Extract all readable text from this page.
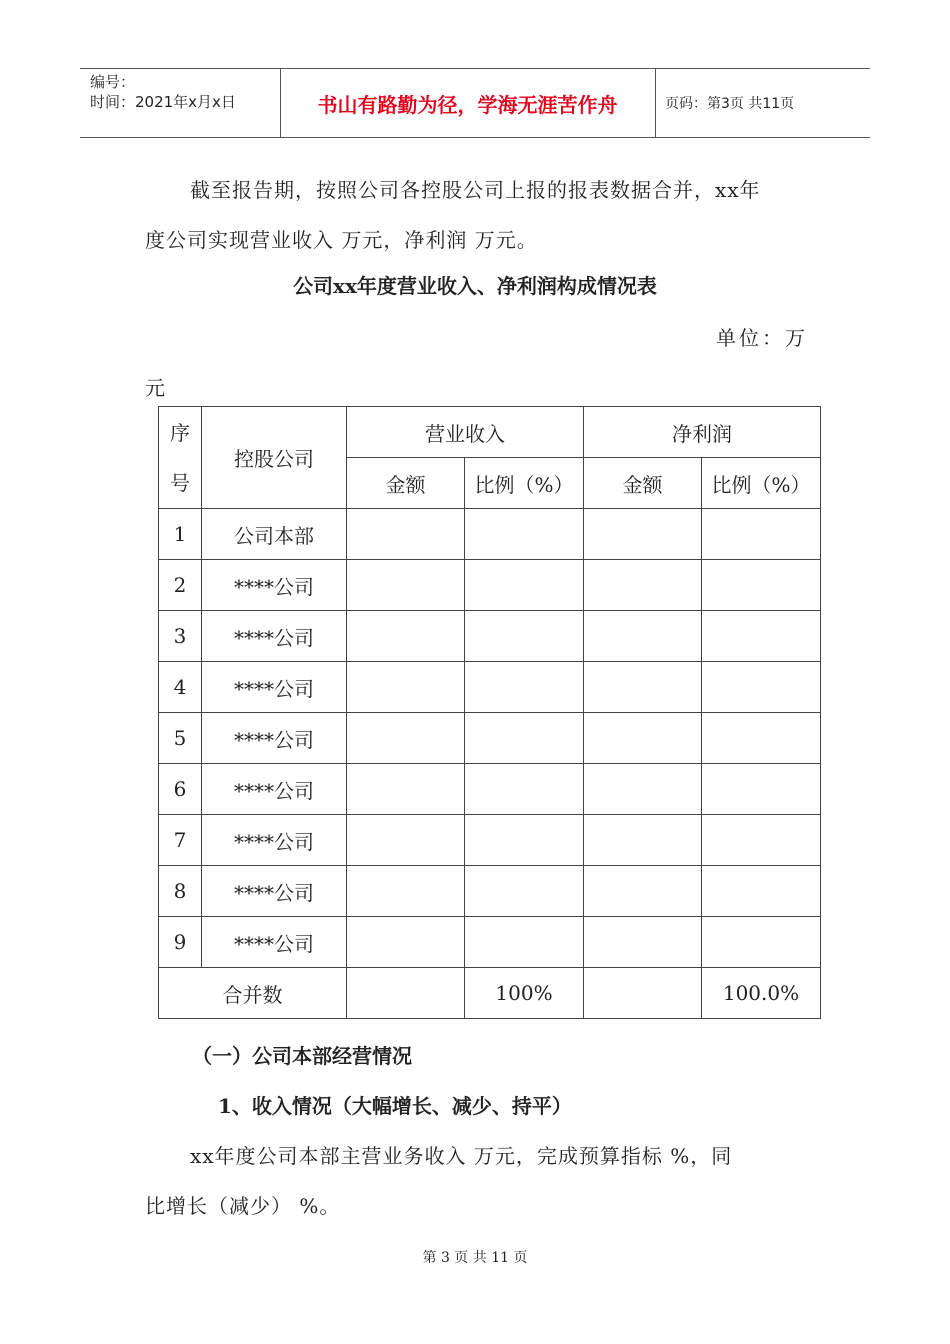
编号：
时间：2021年x月x日	书山有路勤为径，学海无涯苦作舟	页码：第3页 共11页
截至报告期，按照公司各控股公司上报的报表数据合并，xx年
度公司实现营业收入 万元，净利润 万元。
公司xx年度营业收入、净利润构成情况表
单位：万
元
序
号	控股公司	营业收入		净利润	
		金额	比例（%）	金额	比例（%）
1	公司本部				
2	****公司				
3	****公司				
4	****公司				
5	****公司				
6	****公司				
7	****公司				
8	****公司				
9	****公司				
合并数			100%		100.0%
（一）公司本部经营情况
1、收入情况（大幅增长、减少、持平）
xx年度公司本部主营业务收入 万元，完成预算指标 %，同
比增长（减少） %。
第 3 页 共 11 页
